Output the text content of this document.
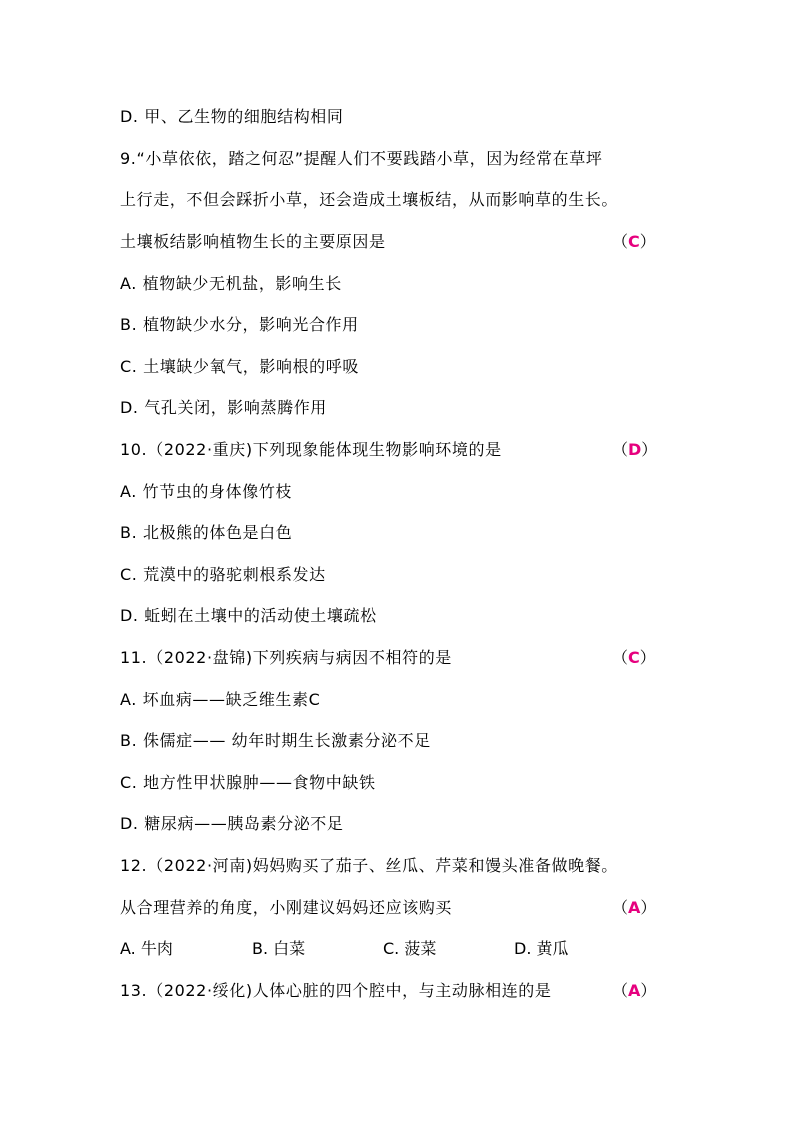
D. 甲、乙生物的细胞结构相同
9.“小草依依，踏之何忍”提醒人们不要践踏小草，因为经常在草坪
上行走，不但会踩折小草，还会造成土壤板结，从而影响草的生长。
土壤板结影响植物生长的主要原因是	（C）
A. 植物缺少无机盐，影响生长
B. 植物缺少水分，影响光合作用
C. 土壤缺少氧气，影响根的呼吸
D. 气孔关闭，影响蒸腾作用
10.（2022·重庆)下列现象能体现生物影响环境的是	（D）
A. 竹节虫的身体像竹枝
B. 北极熊的体色是白色
C. 荒漠中的骆驼刺根系发达
D. 蚯蚓在土壤中的活动使土壤疏松
11.（2022·盘锦)下列疾病与病因不相符的是	（C）
A. 坏血病——缺乏维生素C
B. 侏儒症—— 幼年时期生长激素分泌不足
C. 地方性甲状腺肿——食物中缺铁
D. 糖尿病——胰岛素分泌不足
12.（2022·河南)妈妈购买了茄子、丝瓜、芹菜和馒头准备做晚餐。
从合理营养的角度，小刚建议妈妈还应该购买	（A）
A. 牛肉	B. 白菜	C. 菠菜	D. 黄瓜
13.（2022·绥化)人体心脏的四个腔中，与主动脉相连的是	（A）
